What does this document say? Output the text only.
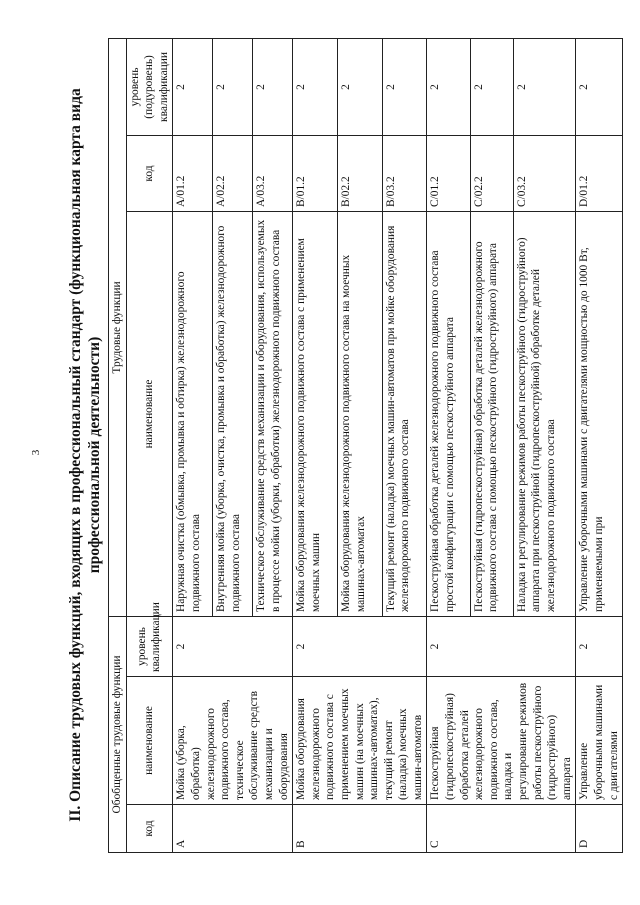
3 II. Описание трудовых функций, входящих в профессиональный стандарт (функциональная карта вида профессиональной деятельности)
Обобщенные трудовые функции			Трудовые функции		
код	наименование	уровень квалификации	наименование	код	уровень (подуровень) квалификации
A	Мойка (уборка, обработка) железнодорожного подвижного состава, техническое обслуживание средств механизации и оборудования	2	Наружная очистка (обмывка, промывка и обтирка) железнодорожного подвижного состава	A/01.2	2
			Внутренняя мойка (уборка, очистка, промывка и обработка) железнодорожного подвижного состава	A/02.2	2
			Техническое обслуживание средств механизации и оборудования, используемых в процессе мойки (уборки, обработки) железнодорожного подвижного состава	A/03.2	2
B	Мойка оборудования железнодорожного подвижного состава с применением моечных машин (на моечных машинах-автоматах), текущий ремонт (наладка) моечных машин-автоматов	2	Мойка оборудования железнодорожного подвижного состава с применением моечных машин	B/01.2	2
			Мойка оборудования железнодорожного подвижного состава на моечных машинах-автоматах	B/02.2	2
			Текущий ремонт (наладка) моечных машин-автоматов при мойке оборудования железнодорожного подвижного состава	B/03.2	2
C	Пескоструйная (гидропескоструйная) обработка деталей железнодорожного подвижного состава, наладка и регулирование режимов работы пескоструйного (гидроструйного) аппарата	2	Пескоструйная обработка деталей железнодорожного подвижного состава простой конфигурации с помощью пескоструйного аппарата	C/01.2	2
			Пескоструйная (гидропескоструйная) обработка деталей железнодорожного подвижного состава с помощью пескоструйного (гидроструйного) аппарата	C/02.2	2
			Наладка и регулирование режимов работы пескоструйного (гидроструйного) аппарата при пескоструйной (гидропескоструйной) обработке деталей железнодорожного подвижного состава	C/03.2	2
D	Управление уборочными машинами с двигателями	2	Управление уборочными машинами с двигателями мощностью до 1000 Вт, применяемыми при	D/01.2	2
